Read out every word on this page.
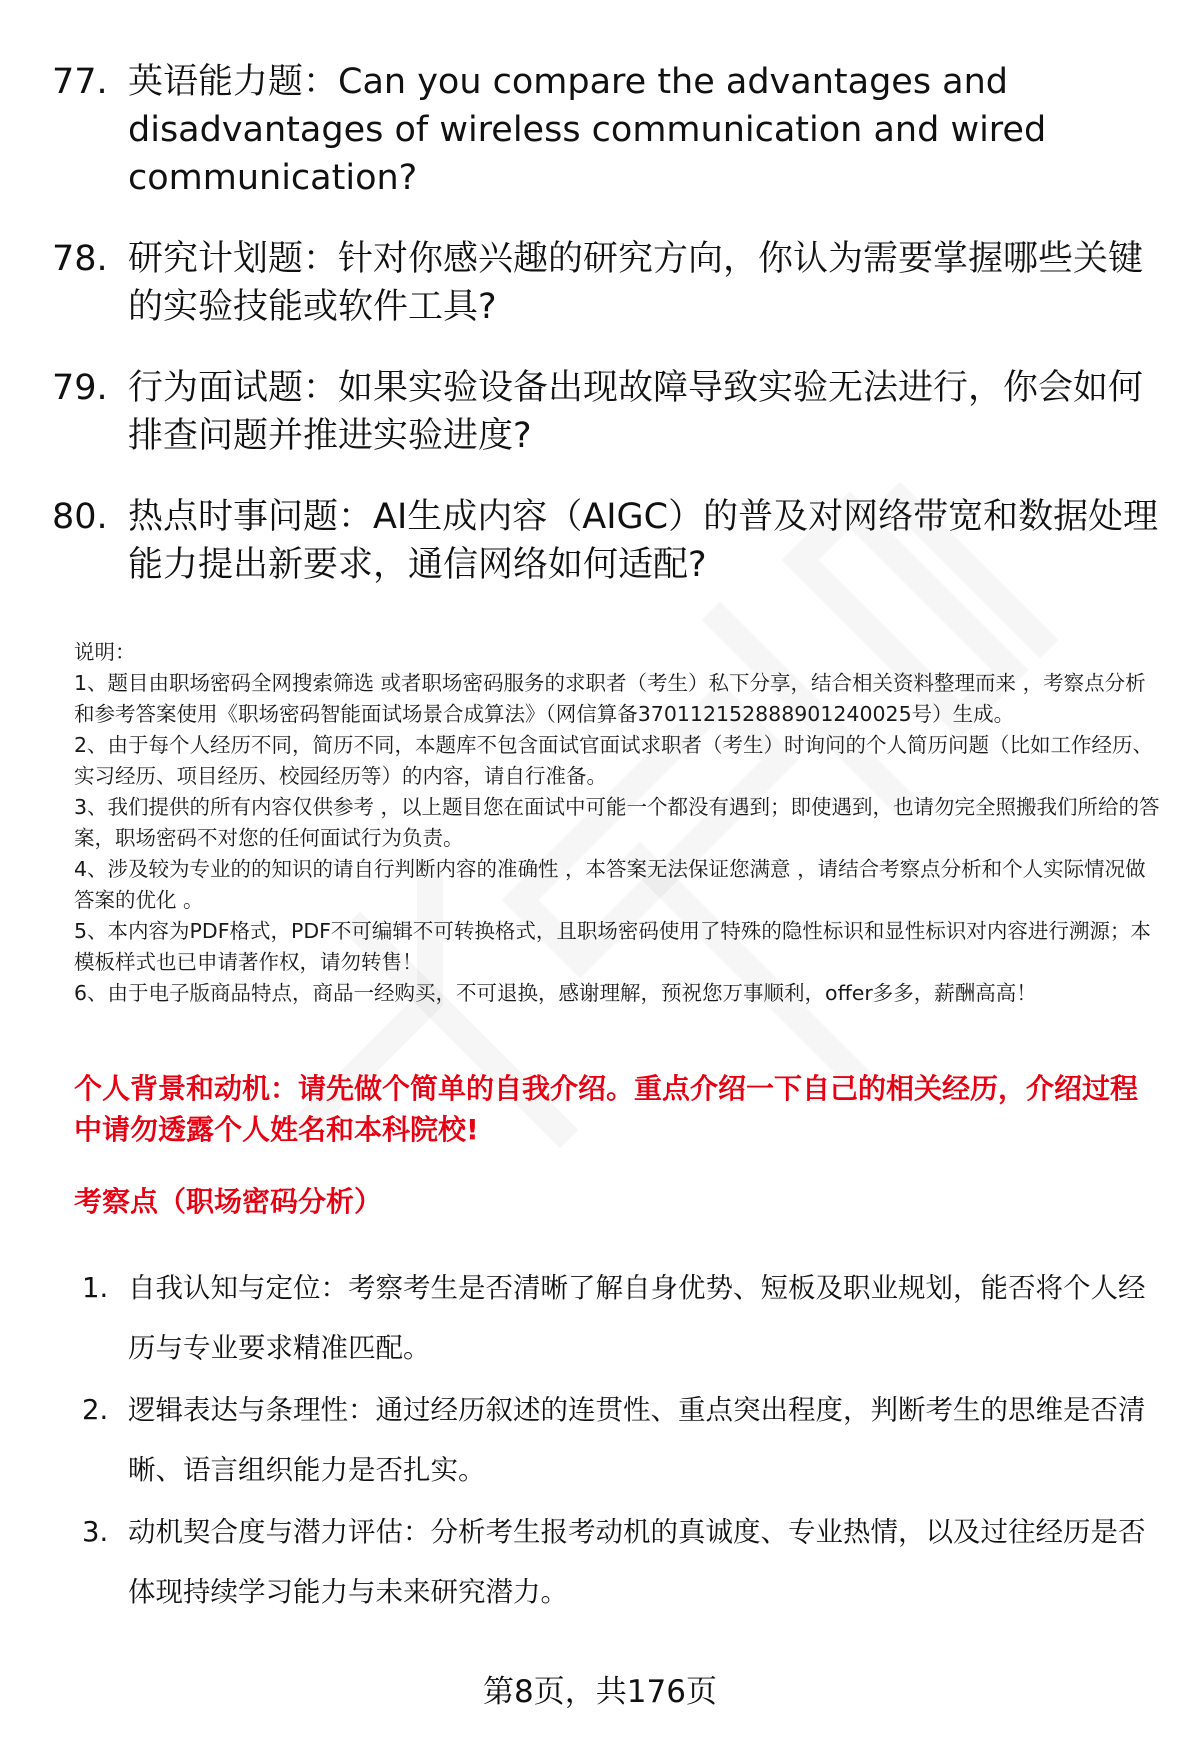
77. 英语能力题：Can you compare the advantages and disadvantages of wireless communication and wired communication?
78. 研究计划题：针对你感兴趣的研究方向，你认为需要掌握哪些关键的实验技能或软件工具?
79. 行为面试题：如果实验设备出现故障导致实验无法进行，你会如何排查问题并推进实验进度?
80. 热点时事问题：AI生成内容（AIGC）的普及对网络带宽和数据处理能力提出新要求，通信网络如何适配?

说明：

1、题目由职场密码全网搜索筛选 或者职场密码服务的求职者（考生）私下分享，结合相关资料整理而来 ，考察点分析和参考答案使用《职场密码智能面试场景合成算法》（网信算备370112152888901240025号）生成。

2、由于每个人经历不同，简历不同，本题库不包含面试官面试求职者（考生）时询问的个人简历问题（比如工作经历、实习经历、项目经历、校园经历等）的内容，请自行准备。

3、我们提供的所有内容仅供参考 ，以上题目您在面试中可能一个都没有遇到；即使遇到，也请勿完全照搬我们所给的答案，职场密码不对您的任何面试行为负责。

4、涉及较为专业的的知识的请自行判断内容的准确性 ，本答案无法保证您满意 ，请结合考察点分析和个人实际情况做答案的优化 。

5、本内容为PDF格式，PDF不可编辑不可转换格式，且职场密码使用了特殊的隐性标识和显性标识对内容进行溯源；本模板样式也已申请著作权，请勿转售！

6、由于电子版商品特点，商品一经购买，不可退换，感谢理解，预祝您万事顺利，offer多多，薪酬高高！

个人背景和动机：请先做个简单的自我介绍。重点介绍一下自己的相关经历，介绍过程中请勿透露个人姓名和本科院校!
考察点（职场密码分析）
1. 自我认知与定位：考察考生是否清晰了解自身优势、短板及职业规划，能否将个人经历与专业要求精准匹配。
2. 逻辑表达与条理性：通过经历叙述的连贯性、重点突出程度，判断考生的思维是否清晰、语言组织能力是否扎实。
3. 动机契合度与潜力评估：分析考生报考动机的真诚度、专业热情，以及过往经历是否体现持续学习能力与未来研究潜力。
第8页，共176页
